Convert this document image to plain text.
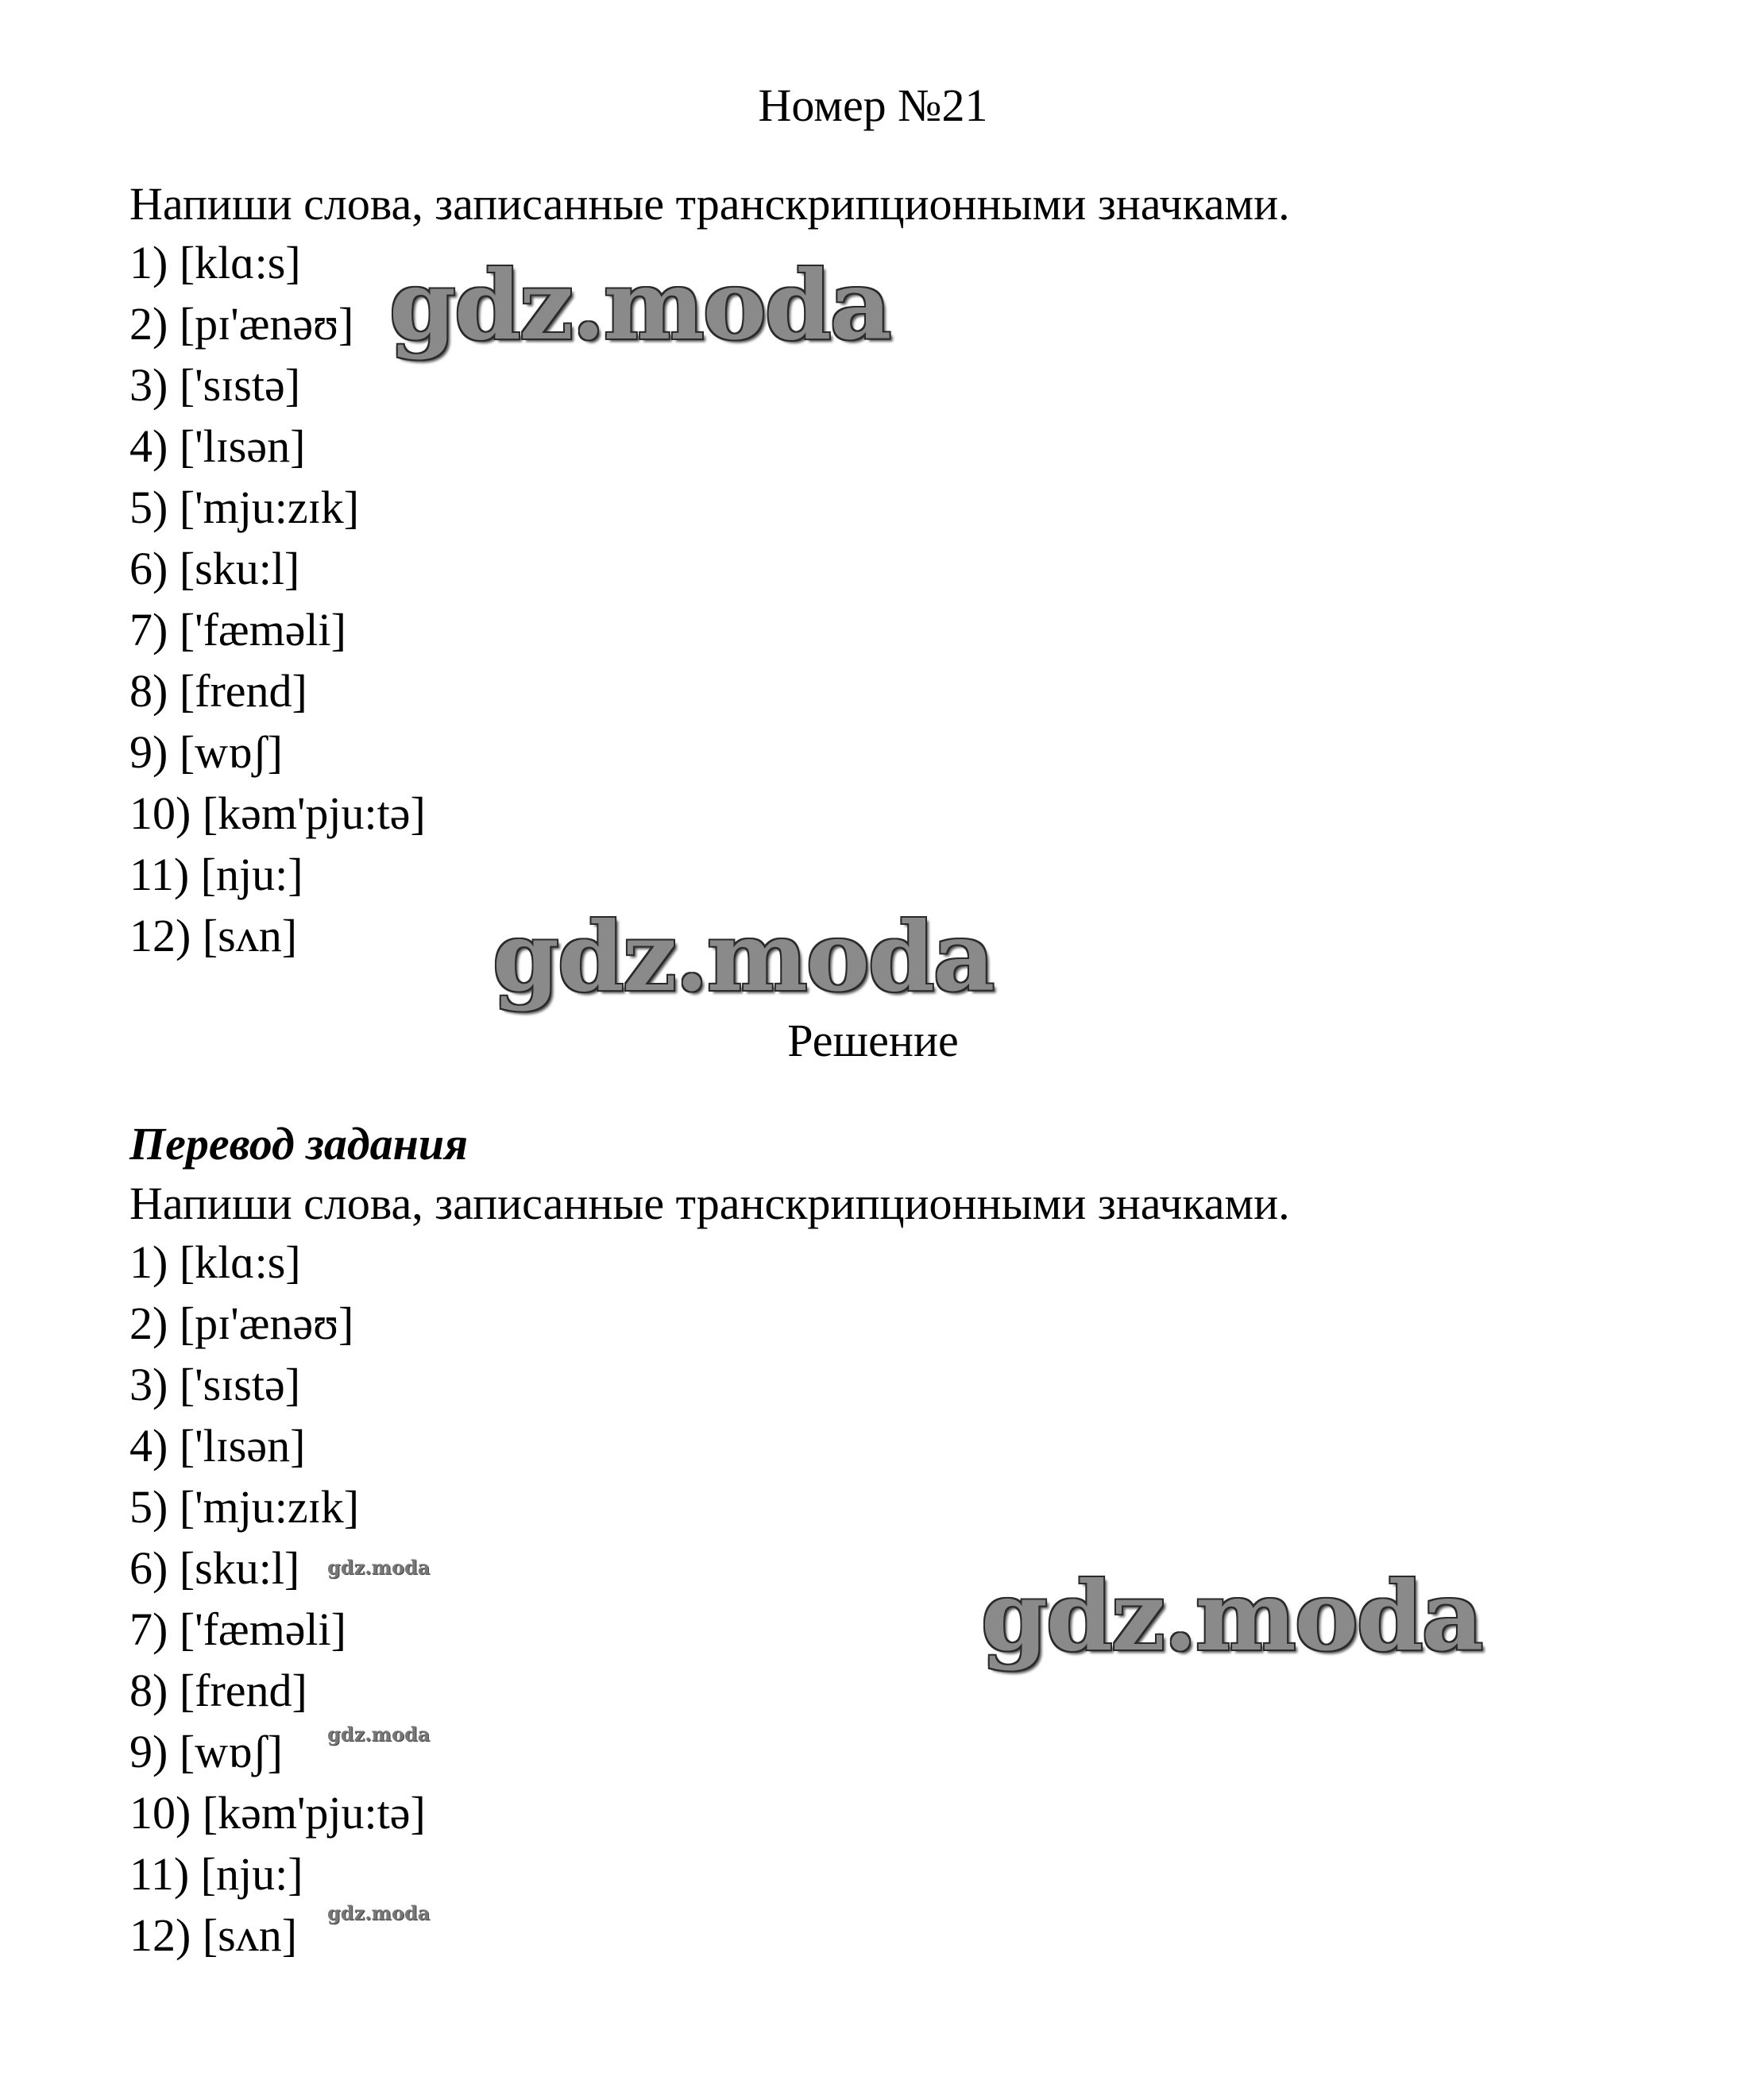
Номер №21
Напиши слова, записанные транскрипционными значками.
1) [klɑ:s]
2) [pɪ'ænəʊ]
3) ['sɪstə]
4) ['lɪsən]
5) ['mju:zɪk]
6) [sku:l]
7) ['fæməli]
8) [frend]
9) [wɒʃ]
10) [kəm'pju:tə]
11) [nju:]
12) [sʌn]
Решение
Перевод задания
Напиши слова, записанные транскрипционными значками.
1) [klɑ:s]
2) [pɪ'ænəʊ]
3) ['sɪstə]
4) ['lɪsən]
5) ['mju:zɪk]
6) [sku:l]
7) ['fæməli]
8) [frend]
9) [wɒʃ]
10) [kəm'pju:tə]
11) [nju:]
12) [sʌn]
gdz.moda
gdz.moda
gdz.moda
gdz.moda
gdz.moda
gdz.moda
